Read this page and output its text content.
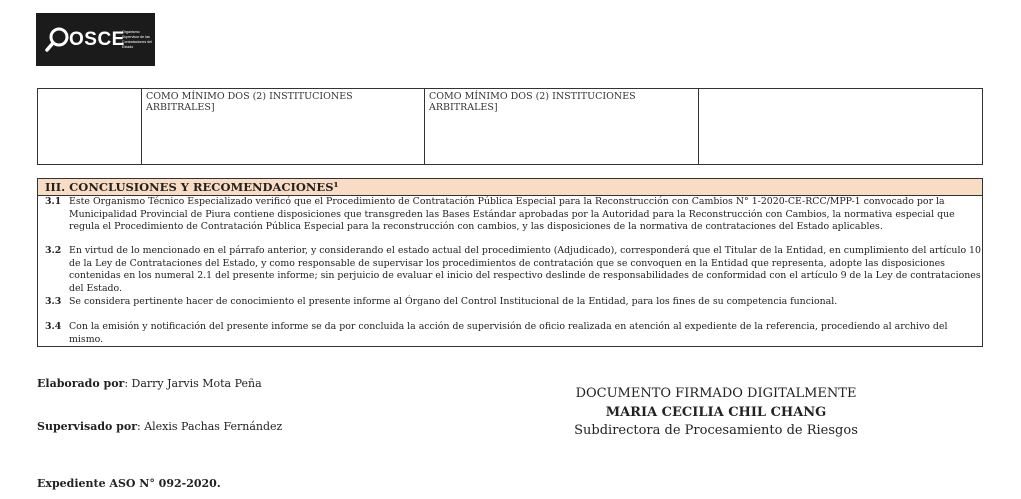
OSCE
Organismo Supervisor de las Contrataciones del Estado
	COMO MÍNIMO DOS (2) INSTITUCIONES ARBITRALES]	COMO MÍNIMO DOS (2) INSTITUCIONES ARBITRALES]	
III. CONCLUSIONES Y RECOMENDACIONES¹
3.1 Este Organismo Técnico Especializado verificó que el Procedimiento de Contratación Pública Especial para la Reconstrucción con Cambios N° 1-2020-CE-RCC/MPP-1 convocado por la Municipalidad Provincial de Piura contiene disposiciones que transgreden las Bases Estándar aprobadas por la Autoridad para la Reconstrucción con Cambios, la normativa especial que regula el Procedimiento de Contratación Pública Especial para la reconstrucción con cambios, y las disposiciones de la normativa de contrataciones del Estado aplicables.
3.2 En virtud de lo mencionado en el párrafo anterior, y considerando el estado actual del procedimiento (Adjudicado), corresponderá que el Titular de la Entidad, en cumplimiento del artículo 10 de la Ley de Contrataciones del Estado, y como responsable de supervisar los procedimientos de contratación que se convoquen en la Entidad que representa, adopte las disposiciones contenidas en los numeral 2.1 del presente informe; sin perjuicio de evaluar el inicio del respectivo deslinde de responsabilidades de conformidad con el artículo 9 de la Ley de contrataciones del Estado.
3.3 Se considera pertinente hacer de conocimiento el presente informe al Órgano del Control Institucional de la Entidad, para los fines de su competencia funcional.
3.4 Con la emisión y notificación del presente informe se da por concluida la acción de supervisión de oficio realizada en atención al expediente de la referencia, procediendo al archivo del mismo.
Elaborado por: Darry Jarvis Mota Peña
Supervisado por: Alexis Pachas Fernández
DOCUMENTO FIRMADO DIGITALMENTE
MARIA CECILIA CHIL CHANG
Subdirectora de Procesamiento de Riesgos
Expediente ASO N° 092-2020.
